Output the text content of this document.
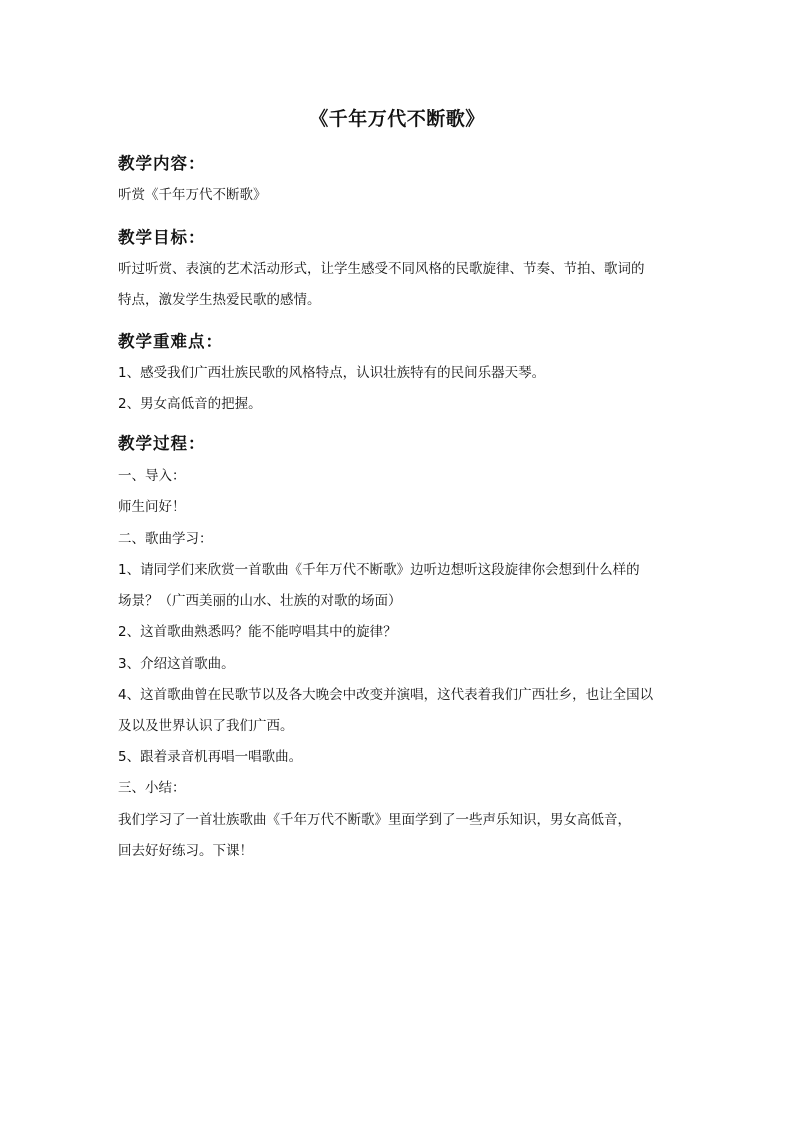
《千年万代不断歌》
教学内容：
听赏《千年万代不断歌》
教学目标：
听过听赏、表演的艺术活动形式，让学生感受不同风格的民歌旋律、节奏、节拍、歌词的
特点，激发学生热爱民歌的感情。
教学重难点：
1、感受我们广西壮族民歌的风格特点，认识壮族特有的民间乐器天琴。
2、男女高低音的把握。
教学过程：
一、导入：
师生问好！
二、歌曲学习：
1、请同学们来欣赏一首歌曲《千年万代不断歌》边听边想听这段旋律你会想到什么样的
场景？（广西美丽的山水、壮族的对歌的场面）
2、这首歌曲熟悉吗？能不能哼唱其中的旋律？
3、介绍这首歌曲。
4、这首歌曲曾在民歌节以及各大晚会中改变并演唱，这代表着我们广西壮乡，也让全国以
及以及世界认识了我们广西。
5、跟着录音机再唱一唱歌曲。
三、小结：
我们学习了一首壮族歌曲《千年万代不断歌》里面学到了一些声乐知识，男女高低音，
回去好好练习。下课！
